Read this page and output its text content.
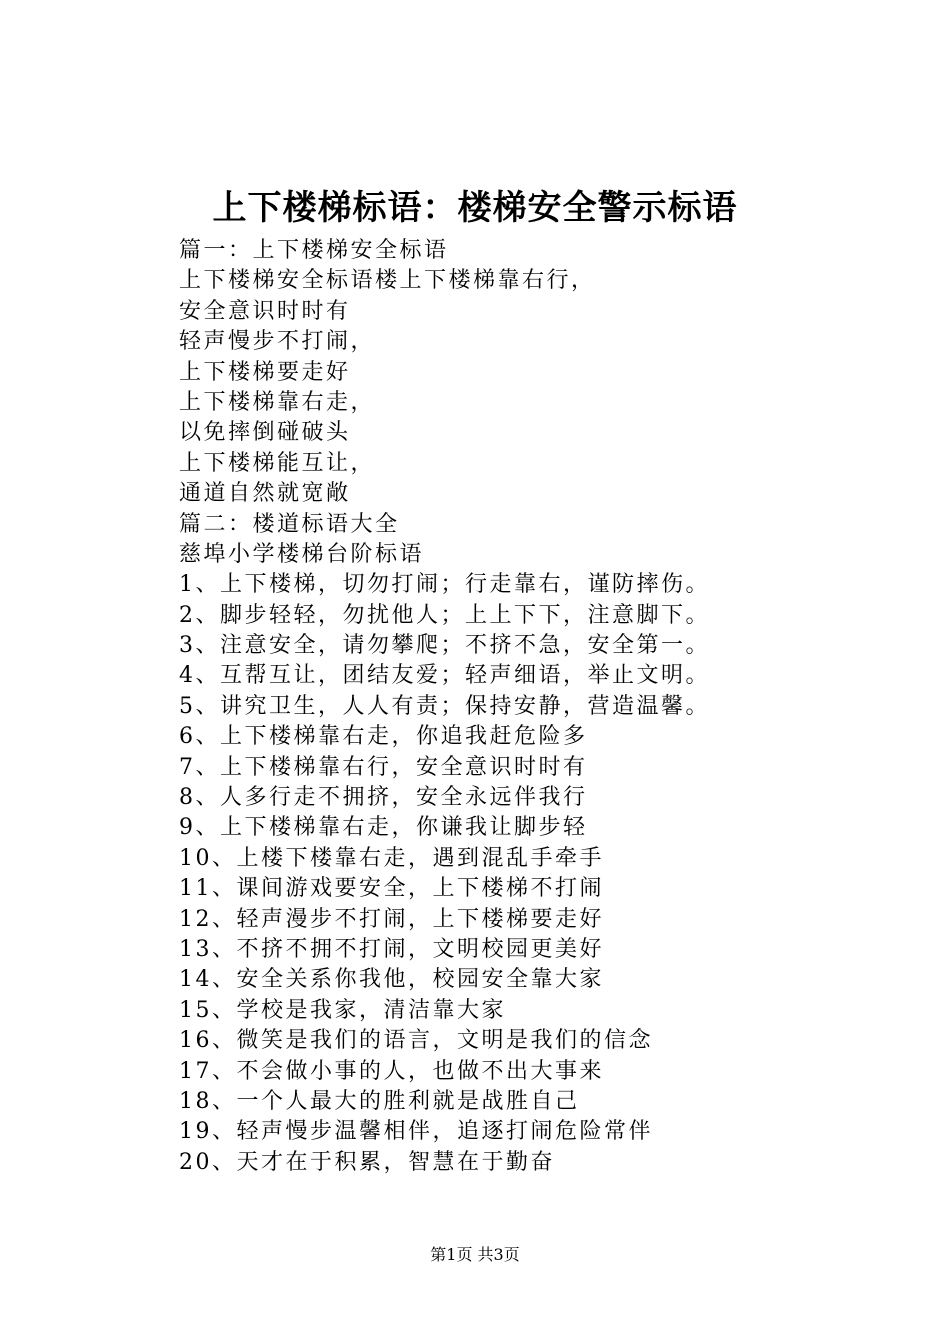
上下楼梯标语：楼梯安全警示标语
篇一：上下楼梯安全标语
上下楼梯安全标语楼上下楼梯靠右行，
安全意识时时有
轻声慢步不打闹，
上下楼梯要走好
上下楼梯靠右走，
以免摔倒碰破头
上下楼梯能互让，
通道自然就宽敞
篇二：楼道标语大全
慈埠小学楼梯台阶标语
1、上下楼梯，切勿打闹；行走靠右，谨防摔伤。
2、脚步轻轻，勿扰他人；上上下下，注意脚下。
3、注意安全，请勿攀爬；不挤不急，安全第一。
4、互帮互让，团结友爱；轻声细语，举止文明。
5、讲究卫生，人人有责；保持安静，营造温馨。
6、上下楼梯靠右走，你追我赶危险多
7、上下楼梯靠右行，安全意识时时有
8、人多行走不拥挤，安全永远伴我行
9、上下楼梯靠右走，你谦我让脚步轻
10、上楼下楼靠右走，遇到混乱手牵手
11、课间游戏要安全，上下楼梯不打闹
12、轻声漫步不打闹，上下楼梯要走好
13、不挤不拥不打闹，文明校园更美好
14、安全关系你我他，校园安全靠大家
15、学校是我家，清洁靠大家
16、微笑是我们的语言，文明是我们的信念
17、不会做小事的人，也做不出大事来
18、一个人最大的胜利就是战胜自己
19、轻声慢步温馨相伴，追逐打闹危险常伴
20、天才在于积累，智慧在于勤奋
第1页 共3页
